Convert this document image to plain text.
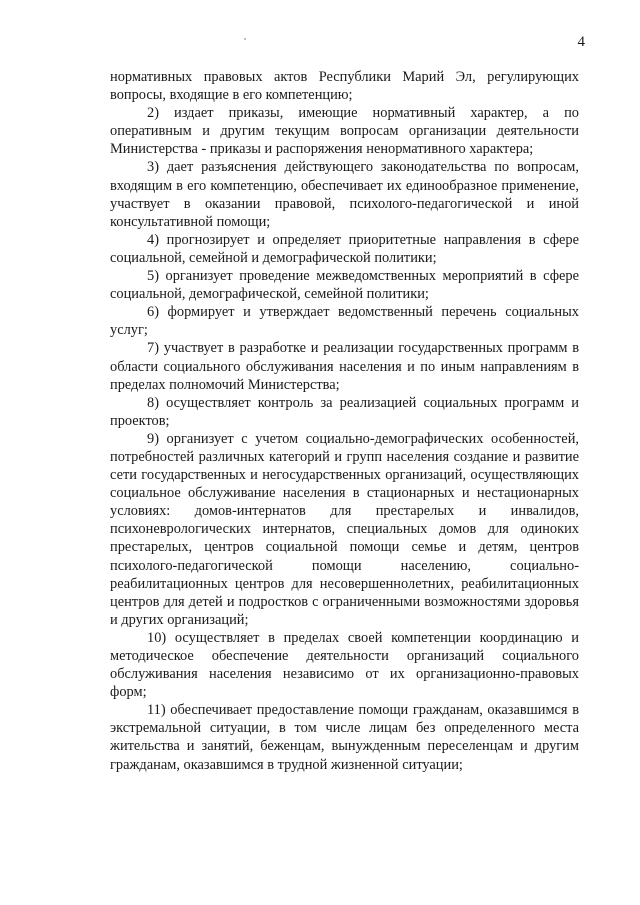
4

нормативных правовых актов Республики Марий Эл, регулирующих вопросы, входящие в его компетенцию;

2) издает приказы, имеющие нормативный характер, а по оперативным и другим текущим вопросам организации деятельности Министерства - приказы и распоряжения ненормативного характера;

3) дает разъяснения действующего законодательства по вопросам, входящим в его компетенцию, обеспечивает их единообразное применение, участвует в оказании правовой, психолого-педагогической и иной консультативной помощи;

4) прогнозирует и определяет приоритетные направления в сфере социальной, семейной и демографической политики;

5) организует проведение межведомственных мероприятий в сфере социальной, демографической, семейной политики;

6) формирует и утверждает ведомственный перечень социальных услуг;

7) участвует в разработке и реализации государственных программ в области социального обслуживания населения и по иным направлениям в пределах полномочий Министерства;

8) осуществляет контроль за реализацией социальных программ и проектов;

9) организует с учетом социально-демографических особенностей, потребностей различных категорий и групп населения создание и развитие сети государственных и негосударственных организаций, осуществляющих социальное обслуживание населения в стационарных и нестационарных условиях: домов-интернатов для престарелых и инвалидов, психоневрологических интернатов, специальных домов для одиноких престарелых, центров социальной помощи семье и детям, центров психолого-педагогической помощи населению, социально-реабилитационных центров для несовершеннолетних, реабилитационных центров для детей и подростков с ограниченными возможностями здоровья и других организаций;

10) осуществляет в пределах своей компетенции координацию и методическое обеспечение деятельности организаций социального обслуживания населения независимо от их организационно-правовых форм;

11) обеспечивает предоставление помощи гражданам, оказавшимся в экстремальной ситуации, в том числе лицам без определенного места жительства и занятий, беженцам, вынужденным переселенцам и другим гражданам, оказавшимся в трудной жизненной ситуации;
